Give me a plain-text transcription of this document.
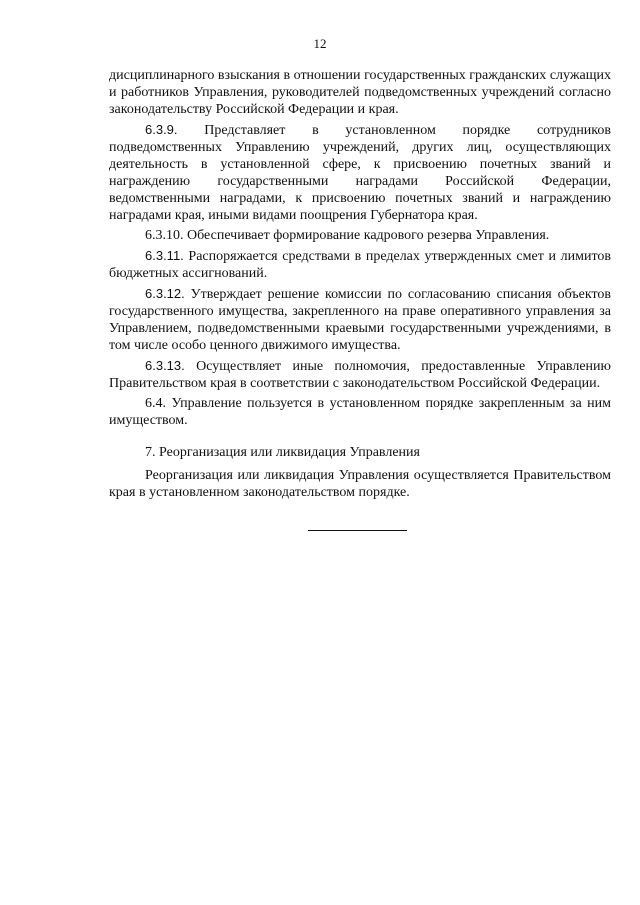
12

дисциплинарного взыскания в отношении государственных гражданских служащих и работников Управления, руководителей подведомственных учреждений согласно законодательству Российской Федерации и края.

6.3.9. Представляет в установленном порядке сотрудников подведомственных Управлению учреждений, других лиц, осуществляющих деятельность в установленной сфере, к присвоению почетных званий и награждению государственными наградами Российской Федерации, ведомственными наградами, к присвоению почетных званий и награждению наградами края, иными видами поощрения Губернатора края.

6.3.10. Обеспечивает формирование кадрового резерва Управления.

6.3.11. Распоряжается средствами в пределах утвержденных смет и лимитов бюджетных ассигнований.

6.3.12. Утверждает решение комиссии по согласованию списания объектов государственного имущества, закрепленного на праве оперативного управления за Управлением, подведомственными краевыми государственными учреждениями, в том числе особо ценного движимого имущества.

6.3.13. Осуществляет иные полномочия, предоставленные Управлению Правительством края в соответствии с законодательством Российской Федерации.

6.4. Управление пользуется в установленном порядке закрепленным за ним имуществом.

7. Реорганизация или ликвидация Управления

Реорганизация или ликвидация Управления осуществляется Правительством края в установленном законодательством порядке.
